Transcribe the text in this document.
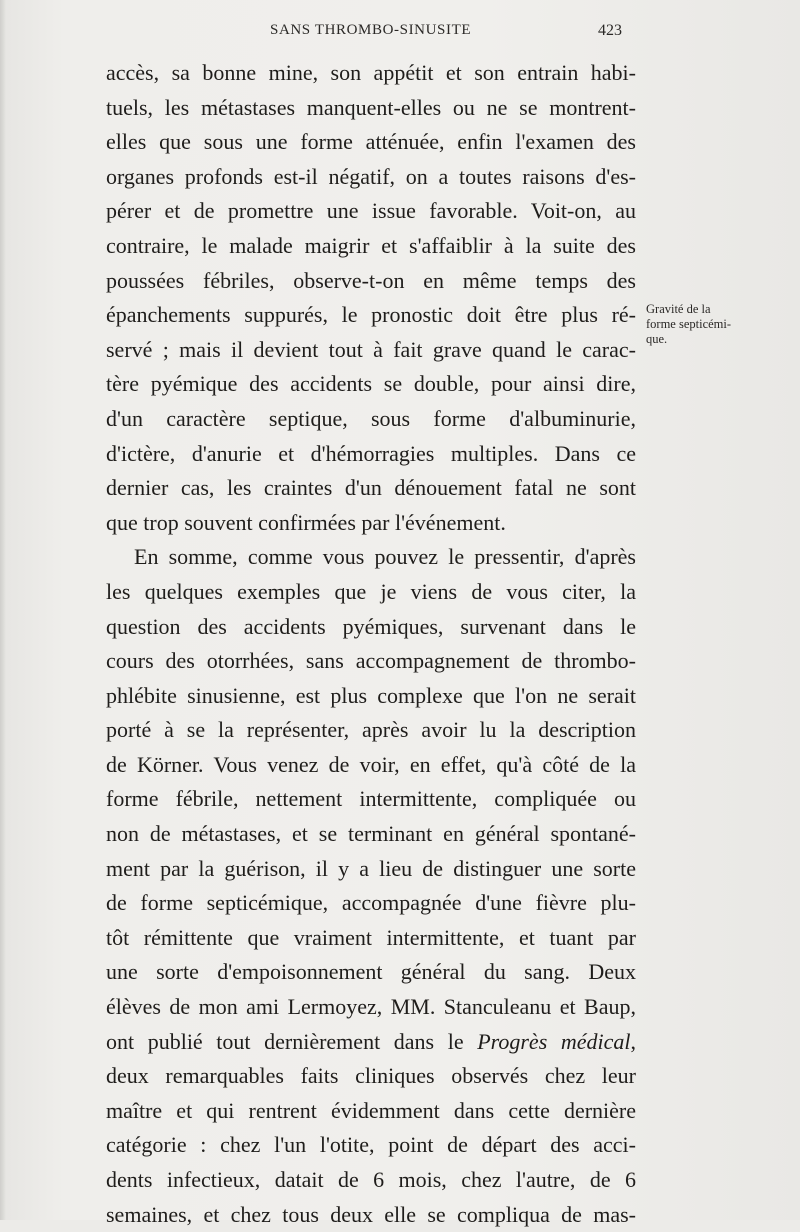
SANS THROMBO-SINUSITE	423
accès, sa bonne mine, son appétit et son entrain habi-
tuels, les métastases manquent-elles ou ne se montrent-
elles que sous une forme atténuée, enfin l'examen des
organes profonds est-il négatif, on a toutes raisons d'es-
pérer et de promettre une issue favorable. Voit-on, au
contraire, le malade maigrir et s'affaiblir à la suite des
poussées fébriles, observe-t-on en même temps des
épanchements suppurés, le pronostic doit être plus ré-
servé ; mais il devient tout à fait grave quand le carac-
tère pyémique des accidents se double, pour ainsi dire,
d'un caractère septique, sous forme d'albuminurie,
d'ictère, d'anurie et d'hémorragies multiples. Dans ce
dernier cas, les craintes d'un dénouement fatal ne sont
que trop souvent confirmées par l'événement.
En somme, comme vous pouvez le pressentir, d'après
les quelques exemples que je viens de vous citer, la
question des accidents pyémiques, survenant dans le
cours des otorrhées, sans accompagnement de thrombo-
phlébite sinusienne, est plus complexe que l'on ne serait
porté à se la représenter, après avoir lu la description
de Körner. Vous venez de voir, en effet, qu'à côté de la
forme fébrile, nettement intermittente, compliquée ou
non de métastases, et se terminant en général spontané-
ment par la guérison, il y a lieu de distinguer une sorte
de forme septicémique, accompagnée d'une fièvre plu-
tôt rémittente que vraiment intermittente, et tuant par
une sorte d'empoisonnement général du sang. Deux
élèves de mon ami Lermoyez, MM. Stanculeanu et Baup,
ont publié tout dernièrement dans le Progrès médical,
deux remarquables faits cliniques observés chez leur
maître et qui rentrent évidemment dans cette dernière
catégorie : chez l'un l'otite, point de départ des acci-
dents infectieux, datait de 6 mois, chez l'autre, de 6
semaines, et chez tous deux elle se compliqua de mas-
Gravité de la
forme septicémi-
que.
